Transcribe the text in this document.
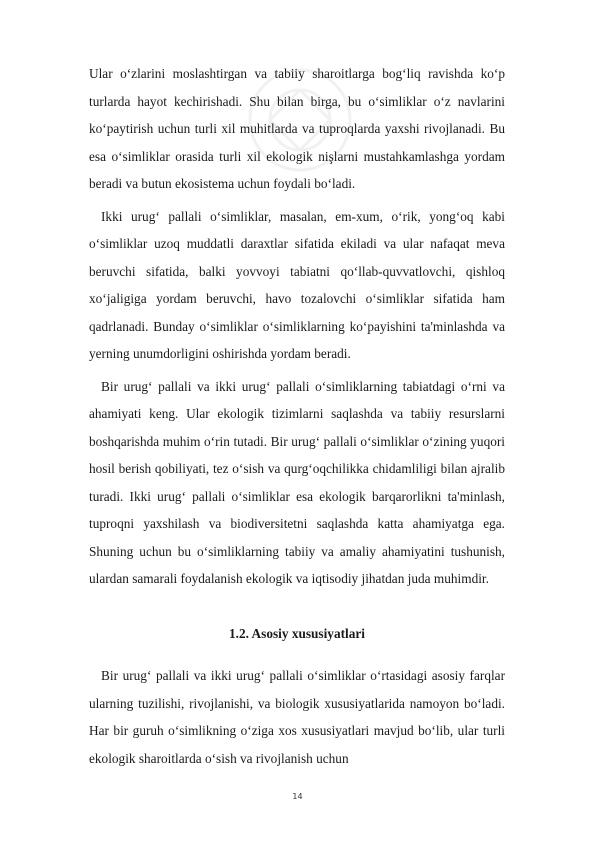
Ular o‘zlarini moslashtirgan va tabiiy sharoitlarga bog‘liq ravishda ko‘p turlarda hayot kechirishadi. Shu bilan birga, bu o‘simliklar o‘z navlarini ko‘paytirish uchun turli xil muhitlarda va tuproqlarda yaxshi rivojlanadi. Bu esa o‘simliklar orasida turli xil ekologik nişlarni mustahkamlashga yordam beradi va butun ekosistema uchun foydali bo‘ladi.

Ikki urug‘ pallali o‘simliklar, masalan, em-xum, o‘rik, yong‘oq kabi o‘simliklar uzoq muddatli daraxtlar sifatida ekiladi va ular nafaqat meva beruvchi sifatida, balki yovvoyi tabiatni qo‘llab-quvvatlovchi, qishloq xo‘jaligiga yordam beruvchi, havo tozalovchi o‘simliklar sifatida ham qadrlanadi. Bunday o‘simliklar o‘simliklarning ko‘payishini ta'minlashda va yerning unumdorligini oshirishda yordam beradi.

Bir urug‘ pallali va ikki urug‘ pallali o‘simliklarning tabiatdagi o‘rni va ahamiyati keng. Ular ekologik tizimlarni saqlashda va tabiiy resurslarni boshqarishda muhim o‘rin tutadi. Bir urug‘ pallali o‘simliklar o‘zining yuqori hosil berish qobiliyati, tez o‘sish va qurg‘oqchilikka chidamliligi bilan ajralib turadi. Ikki urug‘ pallali o‘simliklar esa ekologik barqarorlikni ta'minlash, tuproqni yaxshilash va biodiversitetni saqlashda katta ahamiyatga ega. Shuning uchun bu o‘simliklarning tabiiy va amaliy ahamiyatini tushunish, ulardan samarali foydalanish ekologik va iqtisodiy jihatdan juda muhimdir.

1.2. Asosiy xususiyatlari

Bir urug‘ pallali va ikki urug‘ pallali o‘simliklar o‘rtasidagi asosiy farqlar ularning tuzilishi, rivojlanishi, va biologik xususiyatlarida namoyon bo‘ladi. Har bir guruh o‘simlikning o‘ziga xos xususiyatlari mavjud bo‘lib, ular turli ekologik sharoitlarda o‘sish va rivojlanish uchun

14
